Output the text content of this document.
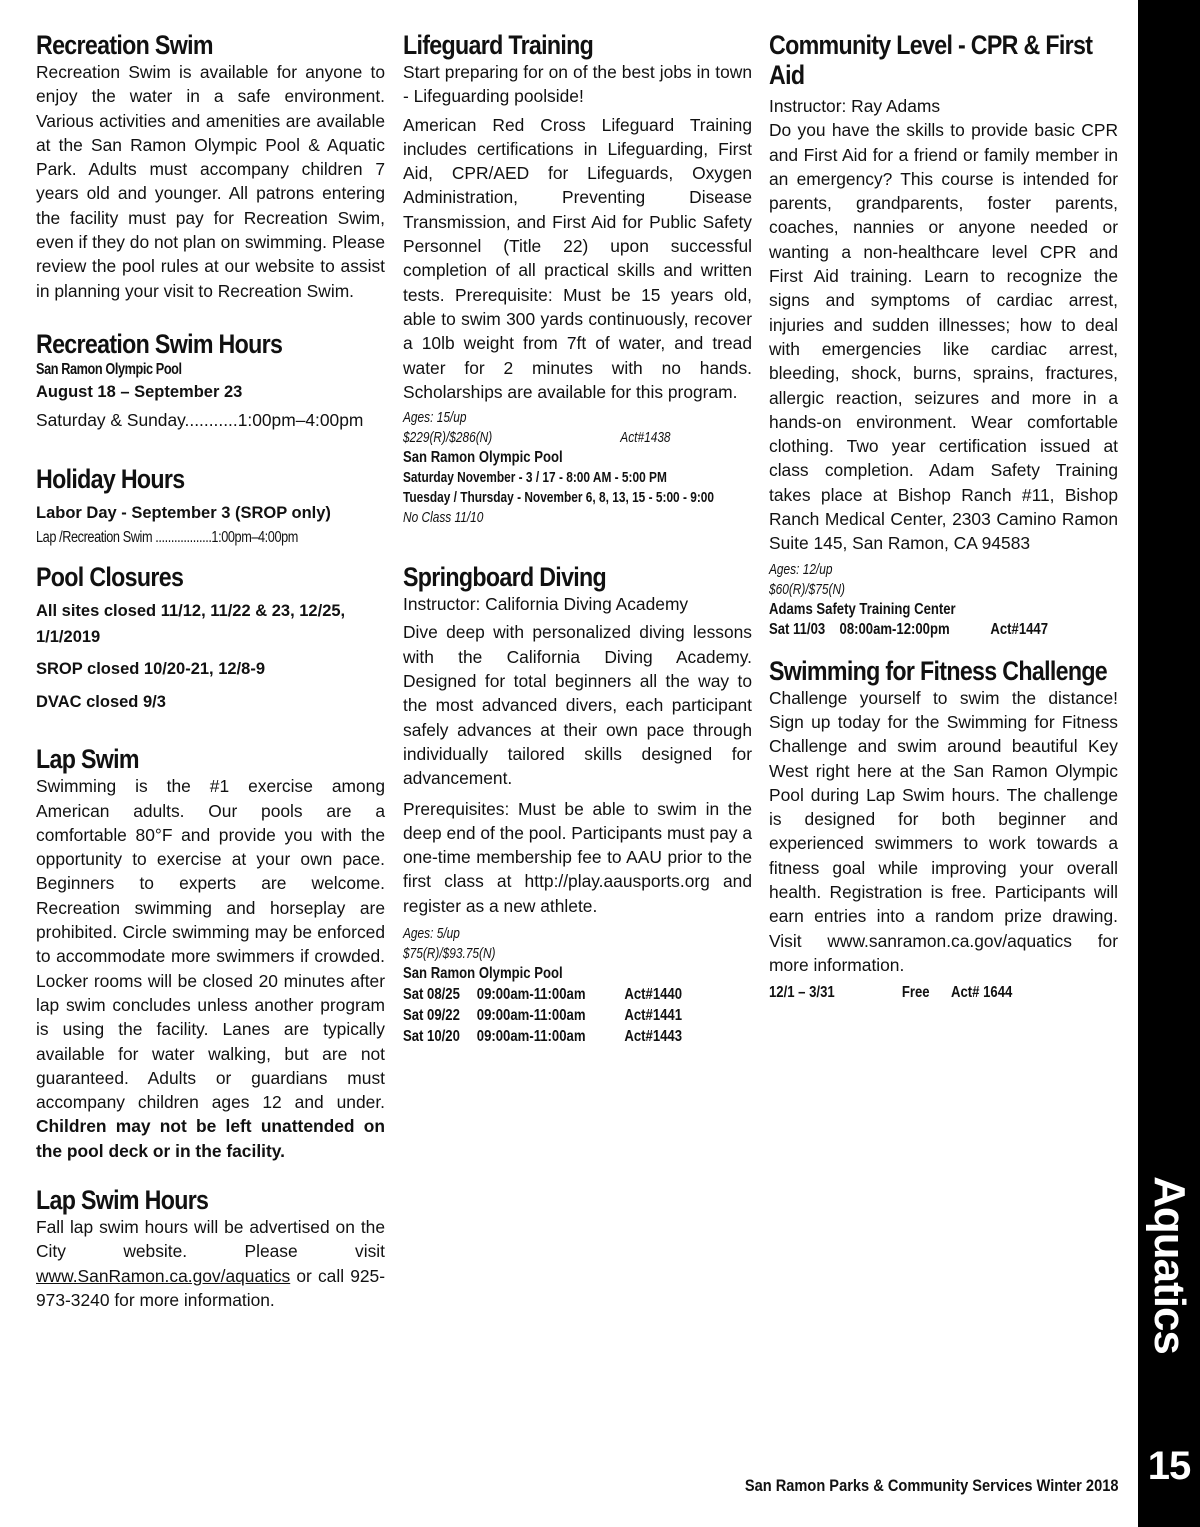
Recreation Swim

Recreation Swim is available for anyone to enjoy the water in a safe environment. Various activities and amenities are available at the San Ramon Olympic Pool & Aquatic Park. Adults must accompany children 7 years old and younger. All patrons entering the facility must pay for Recreation Swim, even if they do not plan on swimming. Please review the pool rules at our website to assist in planning your visit to Recreation Swim.

Recreation Swim Hours

San Ramon Olympic Pool

August 18 – September 23

Saturday & Sunday...........1:00pm–4:00pm

Holiday Hours

Labor Day - September 3 (SROP only)

Lap /Recreation Swim ..................1:00pm–4:00pm

Pool Closures

All sites closed 11/12, 11/22 & 23, 12/25, 1/1/2019

SROP closed 10/20-21, 12/8-9

DVAC closed 9/3

Lap Swim

Swimming is the #1 exercise among American adults. Our pools are a comfortable 80°F and provide you with the opportunity to exercise at your own pace. Beginners to experts are welcome. Recreation swimming and horseplay are prohibited. Circle swimming may be enforced to accommodate more swimmers if crowded. Locker rooms will be closed 20 minutes after lap swim concludes unless another program is using the facility. Lanes are typically available for water walking, but are not guaranteed. Adults or guardians must accompany children ages 12 and under. Children may not be left unattended on the pool deck or in the facility.

Lap Swim Hours

Fall lap swim hours will be advertised on the City website. Please visit www.SanRamon.ca.gov/aquatics or call 925-973-3240 for more information.

Lifeguard Training

Start preparing for on of the best jobs in town - Lifeguarding poolside!

American Red Cross Lifeguard Training includes certifications in Lifeguarding, First Aid, CPR/AED for Lifeguards, Oxygen Administration, Preventing Disease Transmission, and First Aid for Public Safety Personnel (Title 22) upon successful completion of all practical skills and written tests. Prerequisite: Must be 15 years old, able to swim 300 yards continuously, recover a 10lb weight from 7ft of water, and tread water for 2 minutes with no hands. Scholarships are available for this program.

Ages: 15/up

$229(R)/$286(N)	Act#1438

San Ramon Olympic Pool

Saturday November - 3 / 17 - 8:00 AM - 5:00 PM

Tuesday / Thursday - November 6, 8, 13, 15 - 5:00 - 9:00

No Class 11/10

Springboard Diving

Instructor: California Diving Academy

Dive deep with personalized diving lessons with the California Diving Academy. Designed for total beginners all the way to the most advanced divers, each participant safely advances at their own pace through individually tailored skills designed for advancement.

Prerequisites: Must be able to swim in the deep end of the pool. Participants must pay a one-time membership fee to AAU prior to the first class at http://play.aausports.org and register as a new athlete.

Ages: 5/up

$75(R)/$93.75(N)

San Ramon Olympic Pool

Sat 08/25	09:00am-11:00am	Act#1440

Sat 09/22	09:00am-11:00am	Act#1441

Sat 10/20	09:00am-11:00am	Act#1443

Community Level - CPR & First Aid

Instructor: Ray Adams

Do you have the skills to provide basic CPR and First Aid for a friend or family member in an emergency? This course is intended for parents, grandparents, foster parents, coaches, nannies or anyone needed or wanting a non-healthcare level CPR and First Aid training. Learn to recognize the signs and symptoms of cardiac arrest, injuries and sudden illnesses; how to deal with emergencies like cardiac arrest, bleeding, shock, burns, sprains, fractures, allergic reaction, seizures and more in a hands-on environment. Wear comfortable clothing. Two year certification issued at class completion. Adam Safety Training takes place at Bishop Ranch #11, Bishop Ranch Medical Center, 2303 Camino Ramon Suite 145, San Ramon, CA 94583

Ages: 12/up

$60(R)/$75(N)

Adams Safety Training Center

Sat 11/03 08:00am-12:00pm	Act#1447

Swimming for Fitness Challenge

Challenge yourself to swim the distance! Sign up today for the Swimming for Fitness Challenge and swim around beautiful Key West right here at the San Ramon Olympic Pool during Lap Swim hours. The challenge is designed for both beginner and experienced swimmers to work towards a fitness goal while improving your overall health. Registration is free. Participants will earn entries into a random prize drawing. Visit www.sanramon.ca.gov/aquatics for more information.

12/1 – 3/31	Free	Act# 1644

Aquatics
15
San Ramon Parks & Community Services Winter 2018
